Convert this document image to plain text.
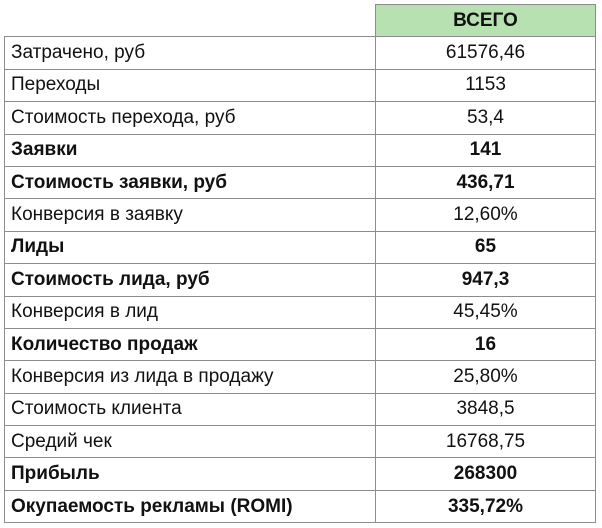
	ВСЕГО
Затрачено, руб	61576,46
Переходы	1153
Стоимость перехода, руб	53,4
Заявки	141
Стоимость заявки, руб	436,71
Конверсия в заявку	12,60%
Лиды	65
Стоимость лида, руб	947,3
Конверсия в лид	45,45%
Количество продаж	16
Конверсия из лида в продажу	25,80%
Стоимость клиента	3848,5
Средий чек	16768,75
Прибыль	268300
Окупаемость рекламы (ROMI)	335,72%
